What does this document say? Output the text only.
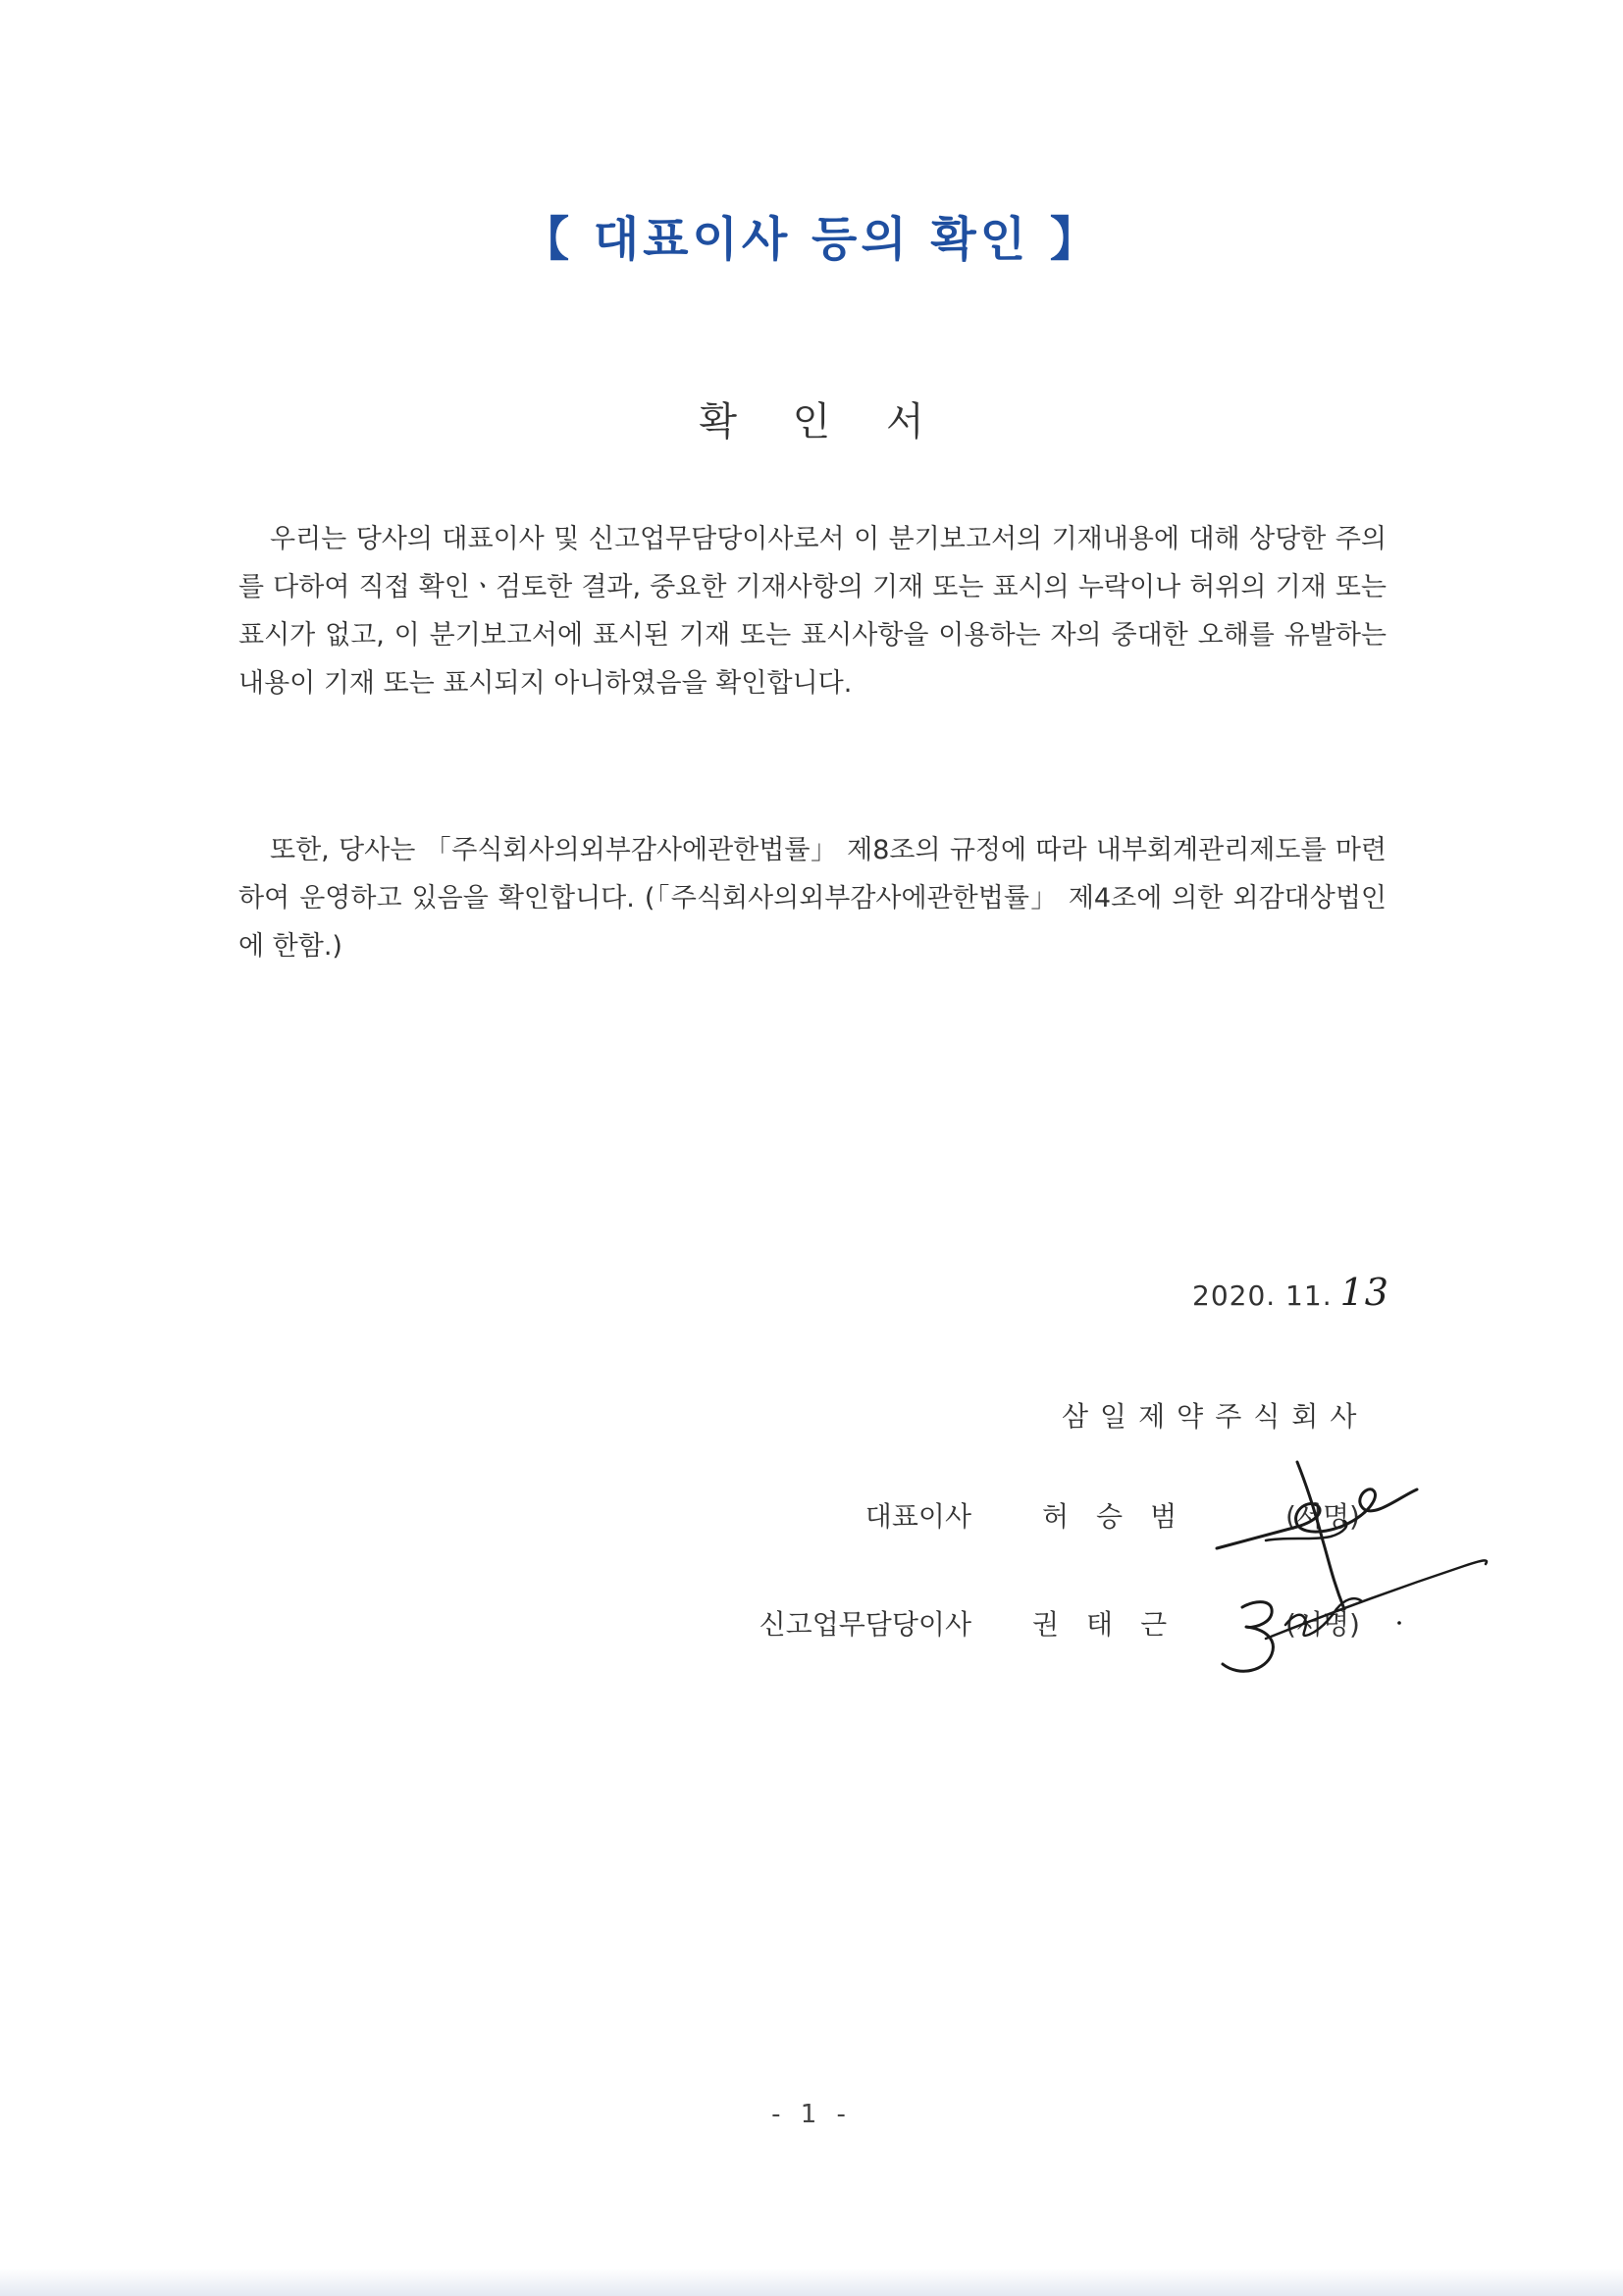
【 대표이사 등의 확인 】
확 인 서
우리는 당사의 대표이사 및 신고업무담당이사로서 이 분기보고서의 기재내용에 대해 상당한 주의를 다하여 직접 확인ㆍ검토한 결과, 중요한 기재사항의 기재 또는 표시의 누락이나 허위의 기재 또는 표시가 없고, 이 분기보고서에 표시된 기재 또는 표시사항을 이용하는 자의 중대한 오해를 유발하는 내용이 기재 또는 표시되지 아니하였음을 확인합니다.
또한, 당사는 「주식회사의외부감사에관한법률」 제8조의 규정에 따라 내부회계관리제도를 마련하여 운영하고 있음을 확인합니다. (「주식회사의외부감사에관한법률」 제4조에 의한 외감대상법인에 한함.)
2020. 11. 13
삼일제약주식회사
대표이사	허승범	(서명)
신고업무담당이사 권태근	(서명)
- 1 -
